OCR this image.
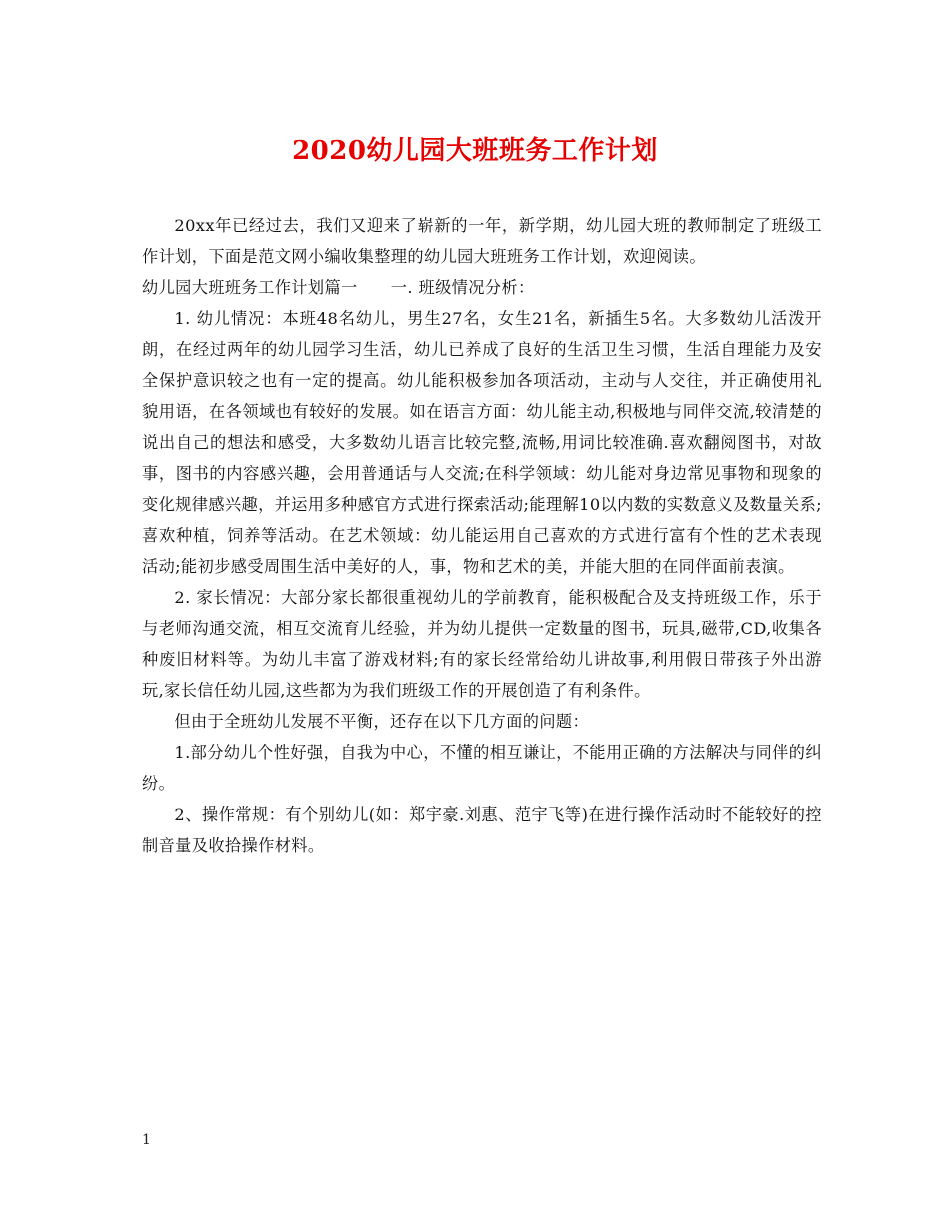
2020幼儿园大班班务工作计划

20xx年已经过去，我们又迎来了崭新的一年，新学期，幼儿园大班的教师制定了班级工作计划，下面是范文网小编收集整理的幼儿园大班班务工作计划，欢迎阅读。

幼儿园大班班务工作计划篇一　　一. 班级情况分析：

1. 幼儿情况：本班48名幼儿，男生27名，女生21名，新插生5名。大多数幼儿活泼开朗，在经过两年的幼儿园学习生活，幼儿已养成了良好的生活卫生习惯，生活自理能力及安全保护意识较之也有一定的提高。幼儿能积极参加各项活动，主动与人交往，并正确使用礼貌用语，在各领域也有较好的发展。如在语言方面：幼儿能主动,积极地与同伴交流,较清楚的说出自己的想法和感受，大多数幼儿语言比较完整,流畅,用词比较准确.喜欢翻阅图书，对故事，图书的内容感兴趣，会用普通话与人交流;在科学领域：幼儿能对身边常见事物和现象的变化规律感兴趣，并运用多种感官方式进行探索活动;能理解10以内数的实数意义及数量关系;喜欢种植，饲养等活动。在艺术领域：幼儿能运用自己喜欢的方式进行富有个性的艺术表现活动;能初步感受周围生活中美好的人，事，物和艺术的美，并能大胆的在同伴面前表演。

2. 家长情况：大部分家长都很重视幼儿的学前教育，能积极配合及支持班级工作，乐于与老师沟通交流，相互交流育儿经验，并为幼儿提供一定数量的图书，玩具,磁带,CD,收集各种废旧材料等。为幼儿丰富了游戏材料;有的家长经常给幼儿讲故事,利用假日带孩子外出游玩,家长信任幼儿园,这些都为为我们班级工作的开展创造了有利条件。

但由于全班幼儿发展不平衡，还存在以下几方面的问题：

1.部分幼儿个性好强，自我为中心，不懂的相互谦让，不能用正确的方法解决与同伴的纠纷。

2、操作常规：有个别幼儿(如：郑宇豪.刘惠、范宇飞等)在进行操作活动时不能较好的控制音量及收拾操作材料。

1
